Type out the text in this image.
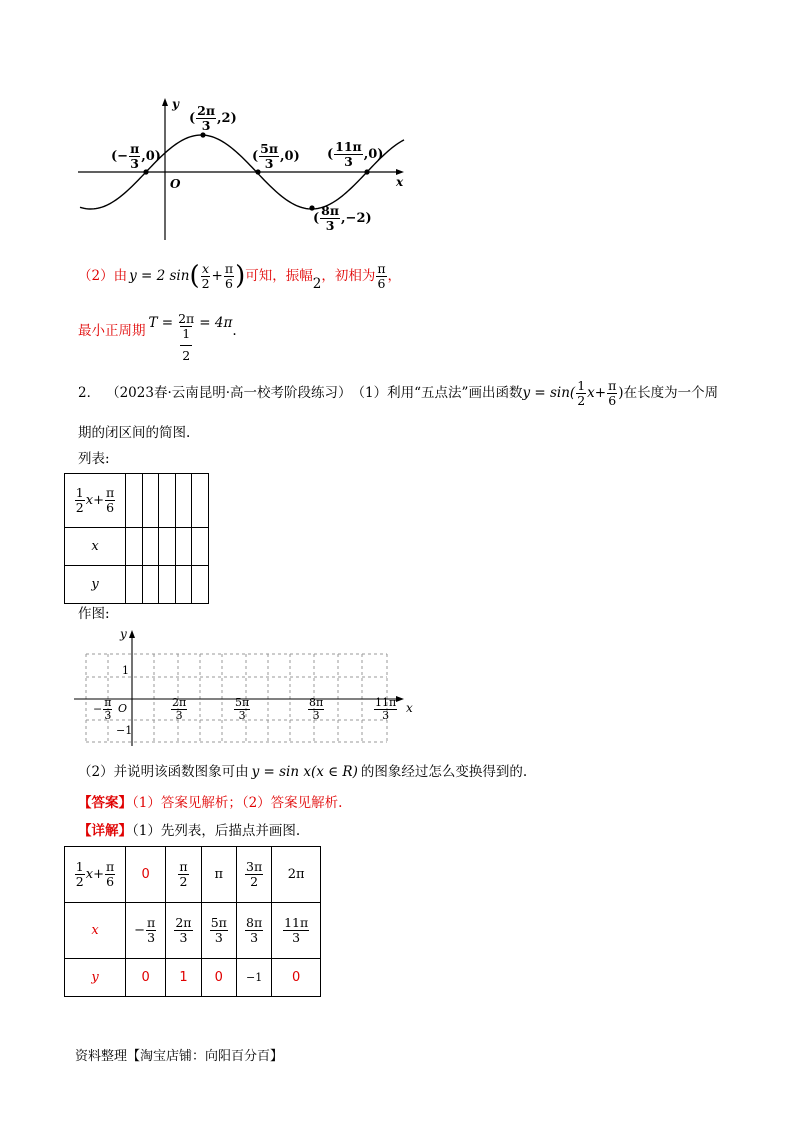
y
x
O
(− $\frac{\pi}{3} ,0$)
( $\frac{2\pi}{3} ,2$)
( $\frac{5\pi}{3} ,0$) ( $\frac{11\pi}{3} ,0$)
( $\frac{8\pi}{3} ,-2$)
（2）由 y = 2 sin ( $\frac{x}{2} + \frac{\pi}{6}$ ) 可知，振幅 2 ，初相为 $\frac{\pi}{6}$ ，
最小正周期 T = 2π
1
2
= 4π .
2． （2023春·云南昆明·高一校考阶段练习） （1）利用“五点法”画出函数 $y = \sin( \frac{1}{2}$ $x + \frac{\pi}{6}$ ) 在长度为一个周
期的闭区间的简图.
列表:
$\frac{1}{2} x+ \frac{\pi}{6}$

x					
y					
作图:
y
x
O
1
−1
− $\frac{\pi}{3}$	$\frac{2\pi}{3}$	$\frac{5\pi}{3}$	$\frac{8\pi}{3}$	$\frac{11\pi}{3}$
（2）并说明该函数图象可由 y = sin x(x ∈ R) 的图象经过怎么变换得到的.
【答案】（1）答案见解析；（2）答案见解析.
【详解】（1）先列表，后描点并画图.
$\frac{1}{2} x+ \frac{\pi}{6}$	0	$\frac{\pi}{2}$	π	$\frac{3\pi}{2}$	2π
x	− $\frac{\pi}{3}$	$\frac{2\pi}{3}$	$\frac{5\pi}{3}$	$\frac{8\pi}{3}$	$\frac{11\pi}{3}$

y	0	1	0	−1	0
资料整理【淘宝店铺：向阳百分百】
